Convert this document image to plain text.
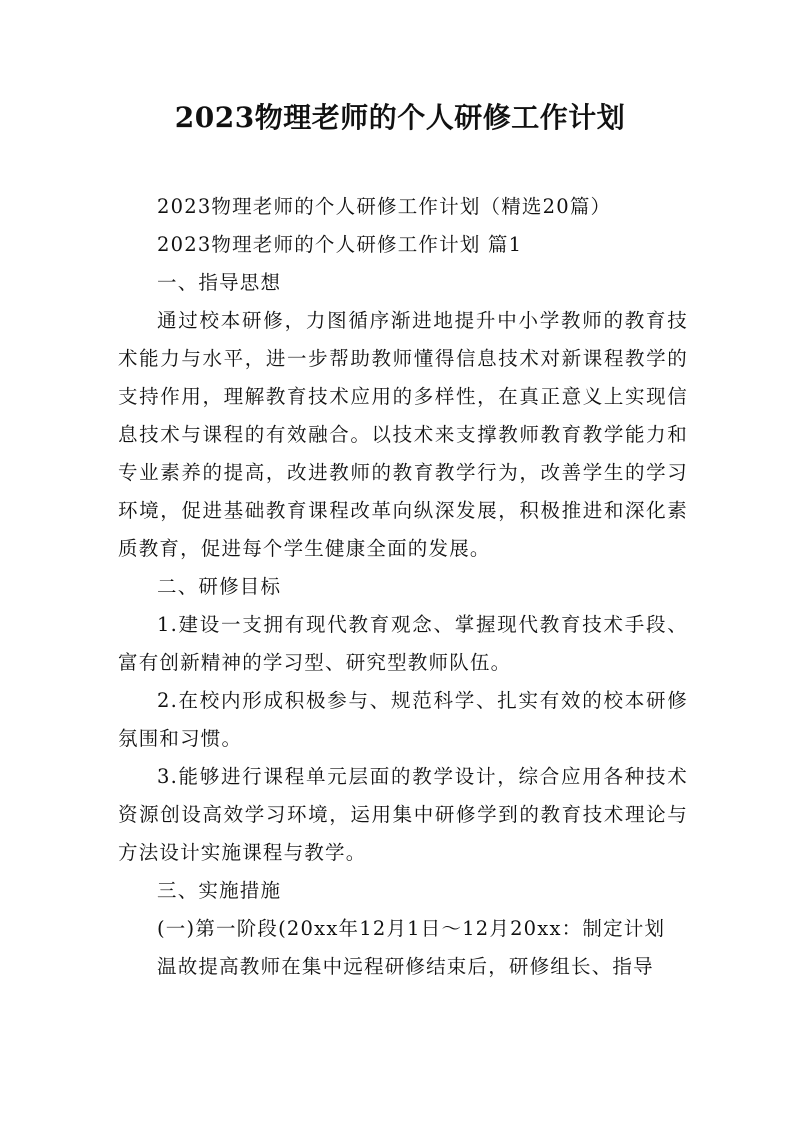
2023物理老师的个人研修工作计划

2023物理老师的个人研修工作计划（精选20篇）

2023物理老师的个人研修工作计划 篇1

一、指导思想

通过校本研修，力图循序渐进地提升中小学教师的教育技术能力与水平，进一步帮助教师懂得信息技术对新课程教学的支持作用，理解教育技术应用的多样性，在真正意义上实现信息技术与课程的有效融合。以技术来支撑教师教育教学能力和专业素养的提高，改进教师的教育教学行为，改善学生的学习环境，促进基础教育课程改革向纵深发展，积极推进和深化素质教育，促进每个学生健康全面的发展。

二、研修目标

1.建设一支拥有现代教育观念、掌握现代教育技术手段、富有创新精神的学习型、研究型教师队伍。

2.在校内形成积极参与、规范科学、扎实有效的校本研修氛围和习惯。

3.能够进行课程单元层面的教学设计，综合应用各种技术资源创设高效学习环境，运用集中研修学到的教育技术理论与方法设计实施课程与教学。

三、实施措施

(一)第一阶段(20xx年12月1日～12月20xx：制定计划

温故提高教师在集中远程研修结束后，研修组长、指导
